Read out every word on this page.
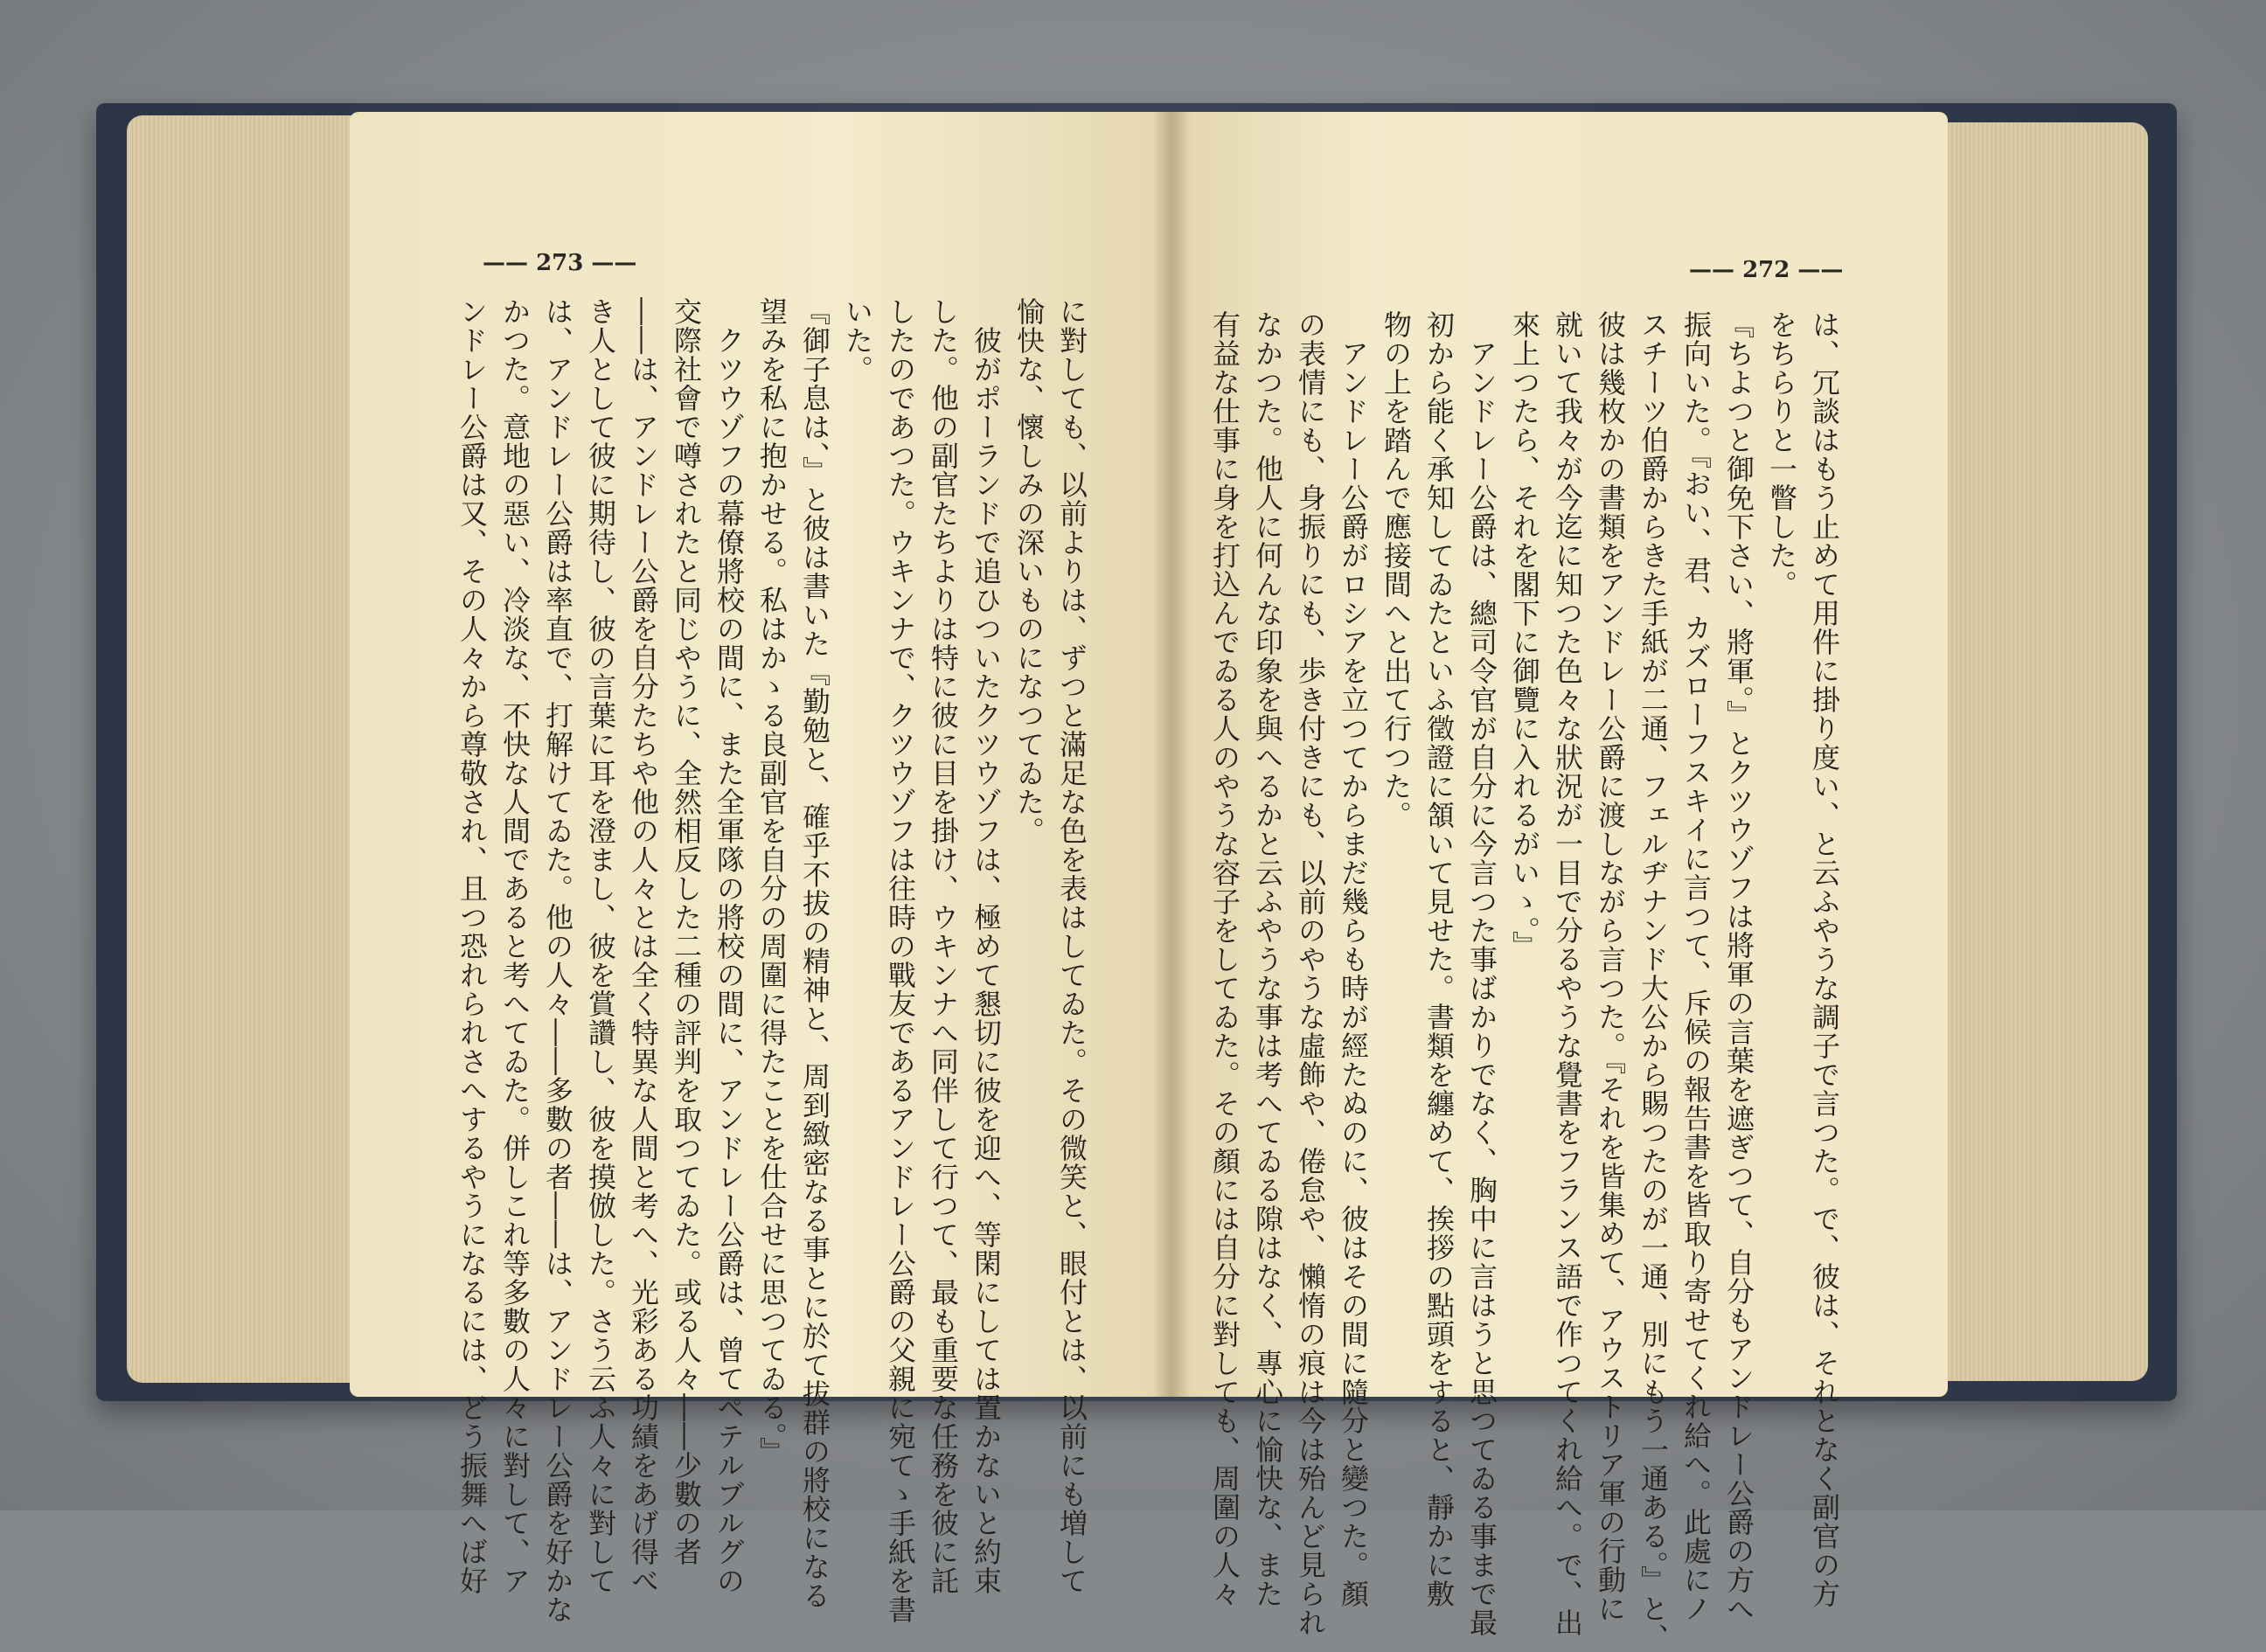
—— 273 ——	—— 272 ——
は、冗談はもう止めて用件に掛り度い、と云ふやうな調子で言つた。で、彼は、それとなく副官の方
をちらりと一瞥した。
『ちよつと御免下さい、將軍。』とクツウゾフは將軍の言葉を遮ぎつて、自分もアンドレー公爵の方へ
振向いた。『おい、君、カズローフスキイに言つて、斥候の報告書を皆取り寄せてくれ給へ。此處にノ
スチーツ伯爵からきた手紙が二通、フェルヂナンド大公から賜つたのが一通、別にもう一通ある。』と、
彼は幾枚かの書類をアンドレー公爵に渡しながら言つた。『それを皆集めて、アウストリア軍の行動に
就いて我々が今迄に知つた色々な狀況が一目で分るやうな覺書をフランス語で作つてくれ給へ。で、出
來上つたら、それを閣下に御覽に入れるがいゝ。』
　アンドレー公爵は、總司令官が自分に今言つた事ばかりでなく、胸中に言はうと思つてゐる事まで最
初から能く承知してゐたといふ徵證に頷いて見せた。書類を纏めて、挨拶の點頭をすると、靜かに敷
物の上を踏んで應接間へと出て行つた。
　アンドレー公爵がロシアを立つてからまだ幾らも時が經たぬのに、彼はその間に隨分と變つた。顏
の表情にも、身振りにも、歩き付きにも、以前のやうな虛飾や、倦怠や、懶惰の痕は今は殆んど見られ
なかつた。他人に何んな印象を與へるかと云ふやうな事は考へてゐる隙はなく、專心に愉快な、また
有益な仕事に身を打込んでゐる人のやうな容子をしてゐた。その顏には自分に對しても、周圍の人々
に對しても、以前よりは、ずつと滿足な色を表はしてゐた。その微笑と、眼付とは、以前にも増して
愉快な、懷しみの深いものになつてゐた。
　彼がポーランドで追ひついたクツウゾフは、極めて懇切に彼を迎へ、等閑にしては置かないと約束
した。他の副官たちよりは特に彼に目を掛け、ウキンナへ同伴して行つて、最も重要な任務を彼に託
したのであつた。ウキンナで、クツウゾフは往時の戰友であるアンドレー公爵の父親に宛てゝ手紙を書
いた。
『御子息は、』と彼は書いた『勤勉と、確乎不拔の精神と、周到緻密なる事とに於て拔群の將校になる
望みを私に抱かせる。私はかゝる良副官を自分の周圍に得たことを仕合せに思つてゐる。』
　クツウゾフの幕僚將校の間に、また全軍隊の將校の間に、アンドレー公爵は、曾てペテルブルグの
交際社會で噂されたと同じやうに、全然相反した二種の評判を取つてゐた。或る人々――少數の者
――は、アンドレー公爵を自分たちや他の人々とは全く特異な人間と考へ、光彩ある功績をあげ得べ
き人として彼に期待し、彼の言葉に耳を澄まし、彼を賞讚し、彼を摸倣した。さう云ふ人々に對して
は、アンドレー公爵は率直で、打解けてゐた。他の人々――多數の者――は、アンドレー公爵を好かな
かつた。意地の惡い、冷淡な、不快な人間であると考へてゐた。併しこれ等多數の人々に對して、ア
ンドレー公爵は又、その人々から尊敬され、且つ恐れられさへするやうになるには、どう振舞へば好
